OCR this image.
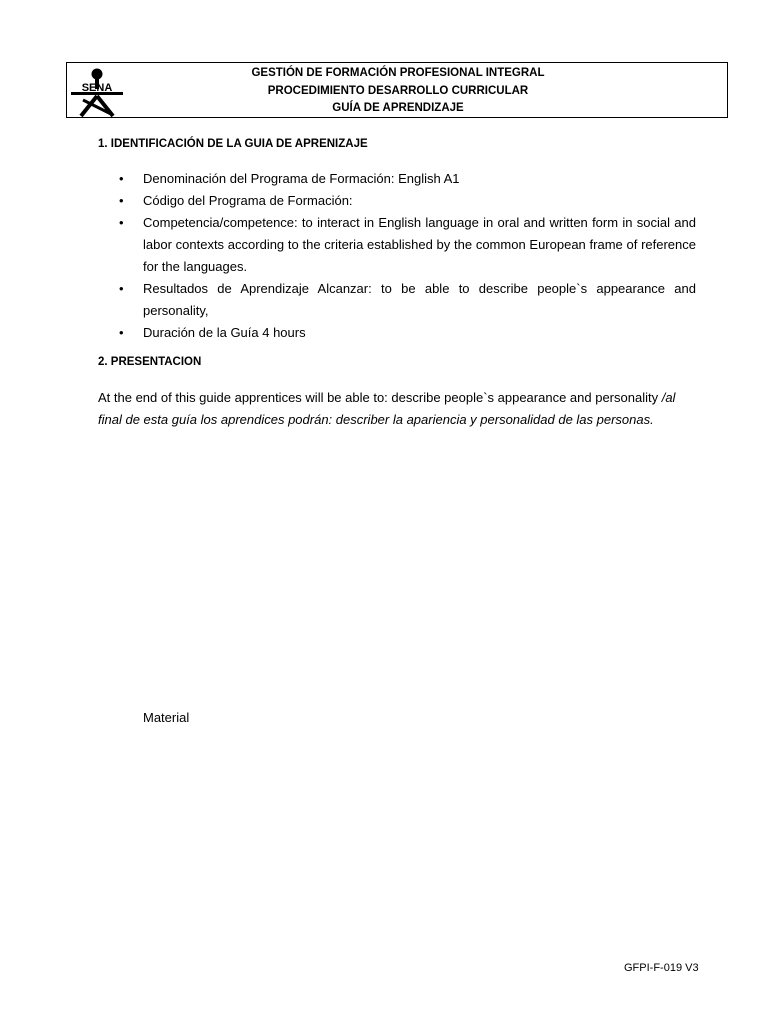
SENA
GESTIÓN DE FORMACIÓN PROFESIONAL INTEGRAL
PROCEDIMIENTO DESARROLLO CURRICULAR
GUÍA DE APRENDIZAJE
1. IDENTIFICACIÓN DE LA GUIA DE APRENIZAJE
• Denominación del Programa de Formación: English A1
• Código del Programa de Formación:
• Competencia/competence: to interact in English language in oral and written form in social and labor contexts according to the criteria established by the common European frame of reference for the languages.
• Resultados de Aprendizaje Alcanzar: to be able to describe people`s appearance and personality,
• Duración de la Guía 4 hours
2. PRESENTACION
At the end of this guide apprentices will be able to: describe people`s appearance and personality /al final de esta guía los aprendices podrán: describer la apariencia y personalidad de las personas.
Material
GFPI-F-019 V3
